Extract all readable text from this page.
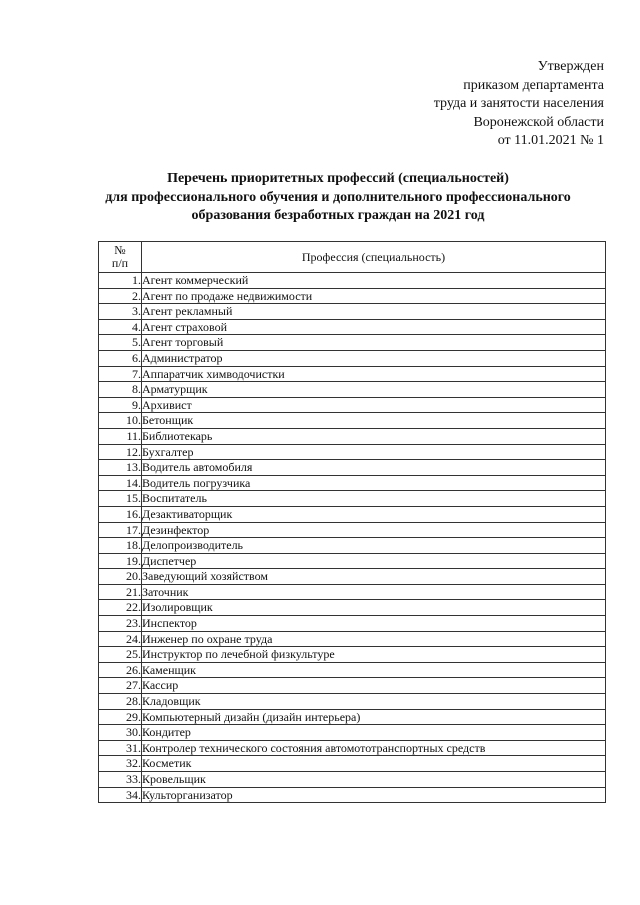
Утвержден
приказом департамента
труда и занятости населения
Воронежской области
от 11.01.2021 № 1
Перечень приоритетных профессий (специальностей)
для профессионального обучения и дополнительного профессионального
образования безработных граждан на 2021 год
№
п/п	Профессия (специальность)
1.	Агент коммерческий
2.	Агент по продаже недвижимости
3.	Агент рекламный
4.	Агент страховой
5.	Агент торговый
6.	Администратор
7.	Аппаратчик химводочистки
8.	Арматурщик
9.	Архивист
10.	Бетонщик
11.	Библиотекарь
12.	Бухгалтер
13.	Водитель автомобиля
14.	Водитель погрузчика
15.	Воспитатель
16.	Дезактиваторщик
17.	Дезинфектор
18.	Делопроизводитель
19.	Диспетчер
20.	Заведующий хозяйством
21.	Заточник
22.	Изолировщик
23.	Инспектор
24.	Инженер по охране труда
25.	Инструктор по лечебной физкультуре
26.	Каменщик
27.	Кассир
28.	Кладовщик
29.	Компьютерный дизайн (дизайн интерьера)
30.	Кондитер
31.	Контролер технического состояния автомототранспортных средств
32.	Косметик
33.	Кровельщик
34.	Культорганизатор
